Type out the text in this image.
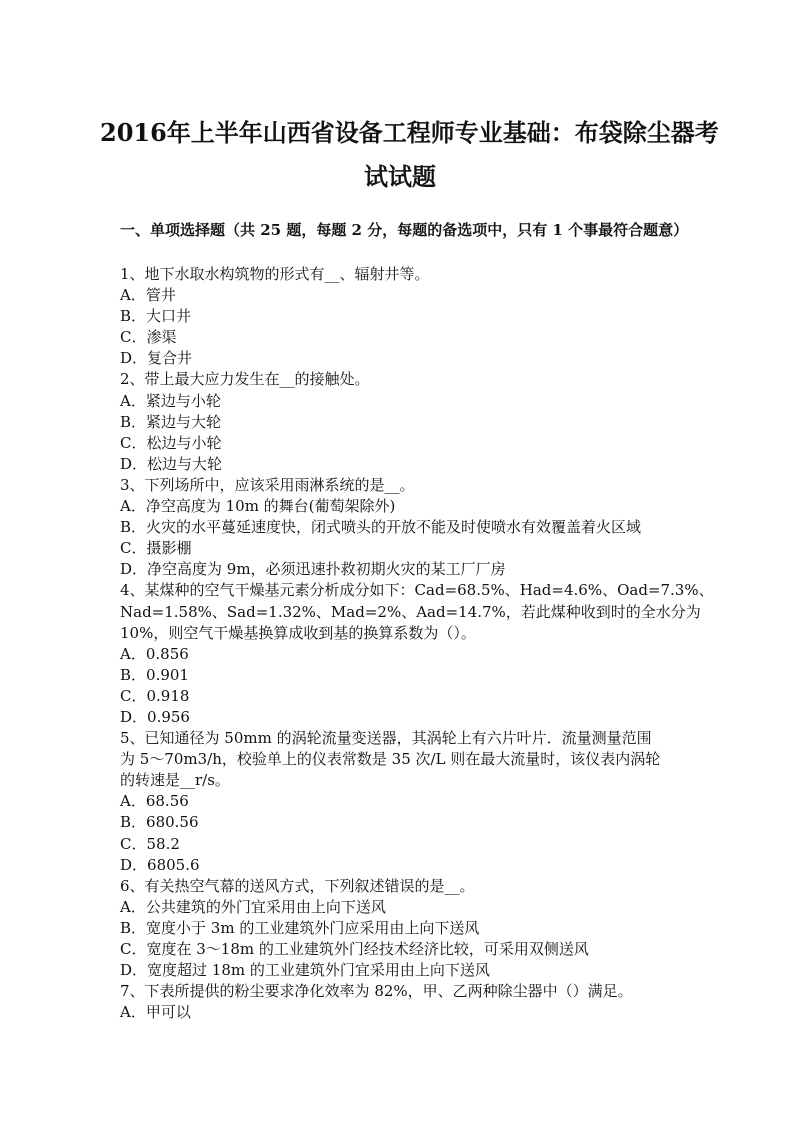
2016年上半年山西省设备工程师专业基础：布袋除尘器考
试试题
一、单项选择题（共 25 题，每题 2 分，每题的备选项中，只有 1 个事最符合题意）
1、地下水取水构筑物的形式有__、辐射井等。
A．管井
B．大口井
C．渗渠
D．复合井
2、带上最大应力发生在__的接触处。
A．紧边与小轮
B．紧边与大轮
C．松边与小轮
D．松边与大轮
3、下列场所中，应该采用雨淋系统的是__。
A．净空高度为 10m 的舞台(葡萄架除外)
B．火灾的水平蔓延速度快，闭式喷头的开放不能及时使喷水有效覆盖着火区域
C．摄影棚
D．净空高度为 9m，必须迅速扑救初期火灾的某工厂厂房
4、某煤种的空气干燥基元素分析成分如下：Cad=68.5%、Had=4.6%、Oad=7.3%、
Nad=1.58%、Sad=1.32%、Mad=2%、Aad=14.7%，若此煤种收到时的全水分为
10%，则空气干燥基换算成收到基的换算系数为（）。
A．0.856
B．0.901
C．0.918
D．0.956
5、已知通径为 50mm 的涡轮流量变送器，其涡轮上有六片叶片．流量测量范围
为 5～70m3/h，校验单上的仪表常数是 35 次/L 则在最大流量时，该仪表内涡轮
的转速是__r/s。
A．68.56
B．680.56
C．58.2
D．6805.6
6、有关热空气幕的送风方式，下列叙述错误的是__。
A．公共建筑的外门宜采用由上向下送风
B．宽度小于 3m 的工业建筑外门应采用由上向下送风
C．宽度在 3～18m 的工业建筑外门经技术经济比较，可采用双侧送风
D．宽度超过 18m 的工业建筑外门宜采用由上向下送风
7、下表所提供的粉尘要求净化效率为 82%，甲、乙两种除尘器中（）满足。
A．甲可以
